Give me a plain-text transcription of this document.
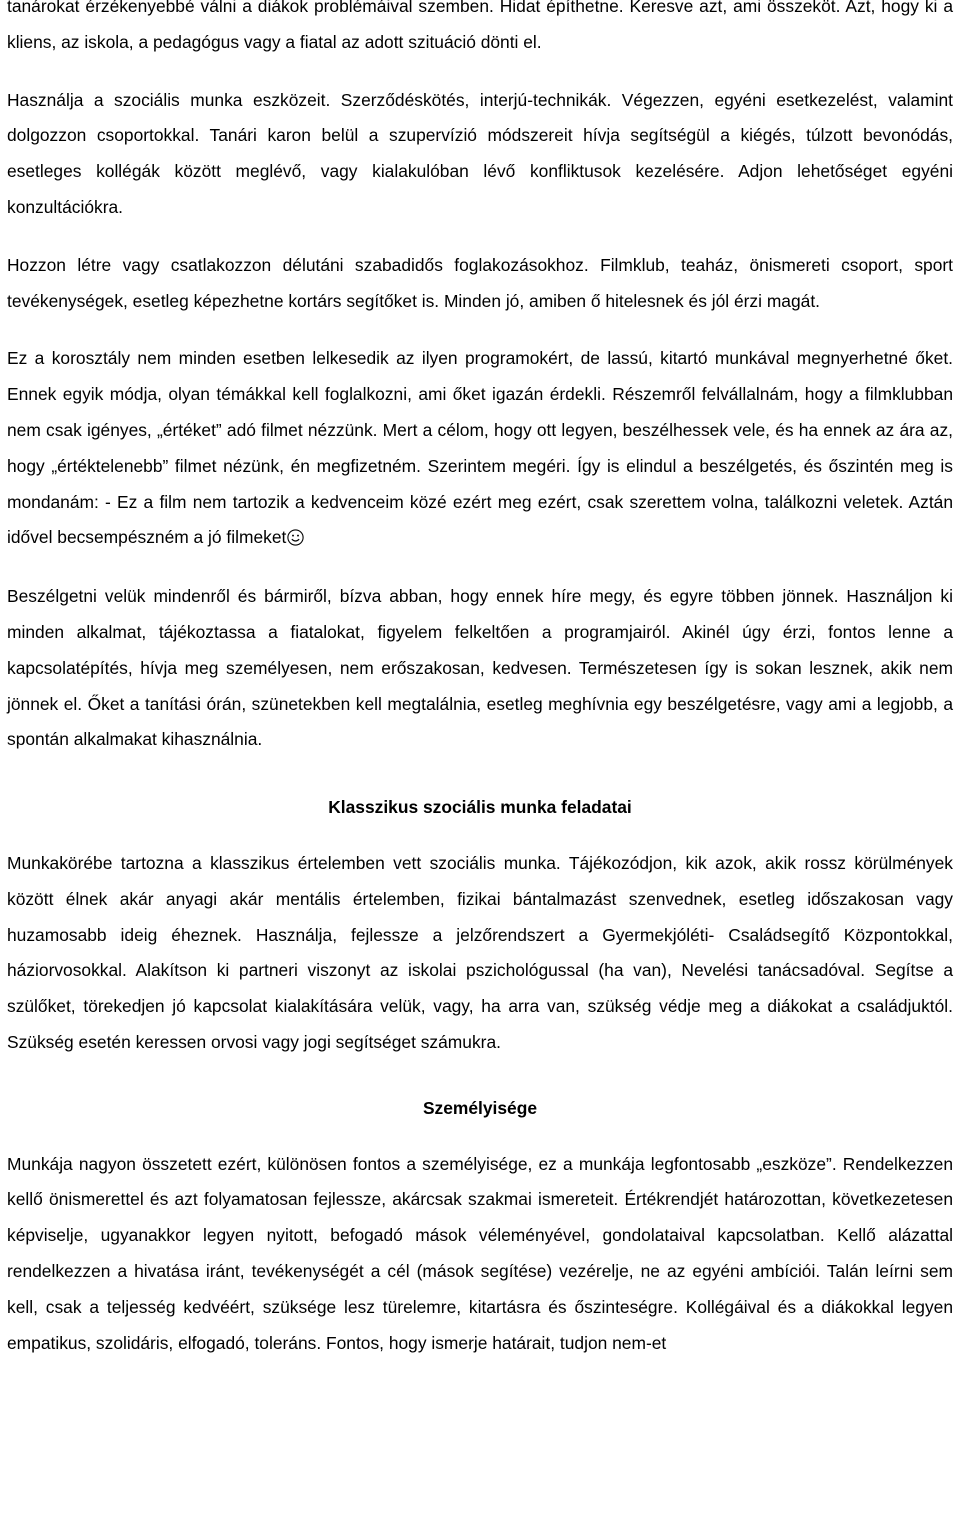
tanárokat érzékenyebbé válni a diákok problémáival szemben. Hidat építhetne. Keresve azt, ami összeköt. Azt, hogy ki a kliens, az iskola, a pedagógus vagy a fiatal az adott szituáció dönti el.

Használja a szociális munka eszközeit. Szerződéskötés, interjú-technikák. Végezzen, egyéni esetkezelést, valamint dolgozzon csoportokkal. Tanári karon belül a szupervízió módszereit hívja segítségül a kiégés, túlzott bevonódás, esetleges kollégák között meglévő, vagy kialakulóban lévő konfliktusok kezelésére. Adjon lehetőséget egyéni konzultációkra.

Hozzon létre vagy csatlakozzon délutáni szabadidős foglakozásokhoz. Filmklub, teaház, önismereti csoport, sport tevékenységek, esetleg képezhetne kortárs segítőket is. Minden jó, amiben ő hitelesnek és jól érzi magát.

Ez a korosztály nem minden esetben lelkesedik az ilyen programokért, de lassú, kitartó munkával megnyerhetné őket. Ennek egyik módja, olyan témákkal kell foglalkozni, ami őket igazán érdekli. Részemről felvállalnám, hogy a filmklubban nem csak igényes, „értéket” adó filmet nézzünk. Mert a célom, hogy ott legyen, beszélhessek vele, és ha ennek az ára az, hogy „értéktelenebb” filmet nézünk, én megfizetném. Szerintem megéri. Így is elindul a beszélgetés, és őszintén meg is mondanám: - Ez a film nem tartozik a kedvenceim közé ezért meg ezért, csak szerettem volna, találkozni veletek. Aztán idővel becsempészném a jó filmeket

Beszélgetni velük mindenről és bármiről, bízva abban, hogy ennek híre megy, és egyre többen jönnek. Használjon ki minden alkalmat, tájékoztassa a fiatalokat, figyelem felkeltően a programjairól. Akinél úgy érzi, fontos lenne a kapcsolatépítés, hívja meg személyesen, nem erőszakosan, kedvesen. Természetesen így is sokan lesznek, akik nem jönnek el. Őket a tanítási órán, szünetekben kell megtalálnia, esetleg meghívnia egy beszélgetésre, vagy ami a legjobb, a spontán alkalmakat kihasználnia.

Klasszikus szociális munka feladatai

Munkakörébe tartozna a klasszikus értelemben vett szociális munka. Tájékozódjon, kik azok, akik rossz körülmények között élnek akár anyagi akár mentális értelemben, fizikai bántalmazást szenvednek, esetleg időszakosan vagy huzamosabb ideig éheznek. Használja, fejlessze a jelzőrendszert a Gyermekjóléti- Családsegítő Központokkal, háziorvosokkal. Alakítson ki partneri viszonyt az iskolai pszichológussal (ha van), Nevelési tanácsadóval. Segítse a szülőket, törekedjen jó kapcsolat kialakítására velük, vagy, ha arra van, szükség védje meg a diákokat a családjuktól. Szükség esetén keressen orvosi vagy jogi segítséget számukra.

Személyisége

Munkája nagyon összetett ezért, különösen fontos a személyisége, ez a munkája legfontosabb „eszköze”. Rendelkezzen kellő önismerettel és azt folyamatosan fejlessze, akárcsak szakmai ismereteit. Értékrendjét határozottan, következetesen képviselje, ugyanakkor legyen nyitott, befogadó mások véleményével, gondolataival kapcsolatban. Kellő alázattal rendelkezzen a hivatása iránt, tevékenységét a cél (mások segítése) vezérelje, ne az egyéni ambíciói. Talán leírni sem kell, csak a teljesség kedvéért, szüksége lesz türelemre, kitartásra és őszinteségre. Kollégáival és a diákokkal legyen empatikus, szolidáris, elfogadó, toleráns. Fontos, hogy ismerje határait, tudjon nem-et
